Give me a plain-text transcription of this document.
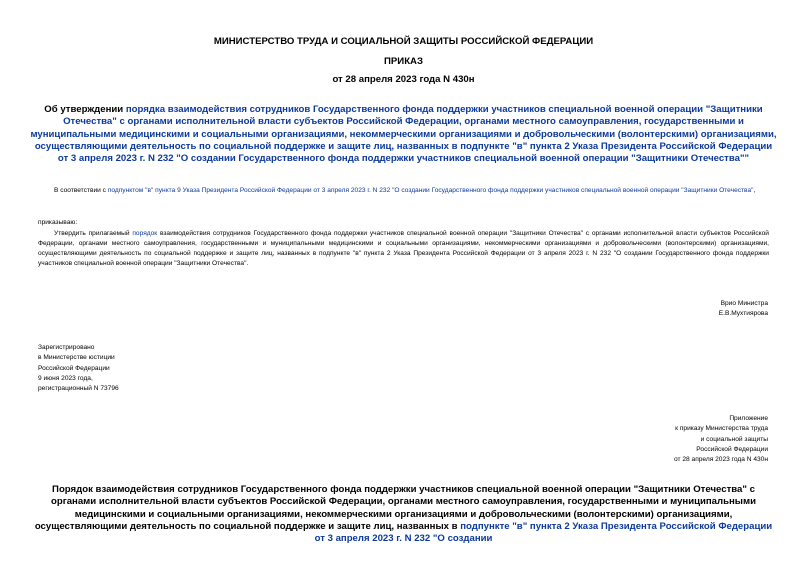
МИНИСТЕРСТВО ТРУДА И СОЦИАЛЬНОЙ ЗАЩИТЫ РОССИЙСКОЙ ФЕДЕРАЦИИ
ПРИКАЗ
от 28 апреля 2023 года N 430н
Об утверждении порядка взаимодействия сотрудников Государственного фонда поддержки участников специальной военной операции "Защитники Отечества" с органами исполнительной власти субъектов Российской Федерации, органами местного самоуправления, государственными и муниципальными медицинскими и социальными организациями, некоммерческими организациями и добровольческими (волонтерскими) организациями, осуществляющими деятельность по социальной поддержке и защите лиц, названных в подпункте "в" пункта 2 Указа Президента Российской Федерации от 3 апреля 2023 г. N 232 "О создании Государственного фонда поддержки участников специальной военной операции "Защитники Отечества""
В соответствии с подпунктом "в" пункта 9 Указа Президента Российской Федерации от 3 апреля 2023 г. N 232 "О создании Государственного фонда поддержки участников специальной военной операции "Защитники Отечества",
приказываю:
Утвердить прилагаемый порядок взаимодействия сотрудников Государственного фонда поддержки участников специальной военной операции "Защитники Отечества" с органами исполнительной власти субъектов Российской Федерации, органами местного самоуправления, государственными и муниципальными медицинскими и социальными организациями, некоммерческими организациями и добровольческими (волонтерскими) организациями, осуществляющими деятельность по социальной поддержке и защите лиц, названных в подпункте "в" пункта 2 Указа Президента Российской Федерации от 3 апреля 2023 г. N 232 "О создании Государственного фонда поддержки участников специальной военной операции "Защитники Отечества".
Врио Министра
Е.В.Мухтиярова
Зарегистрировано
в Министерстве юстиции
Российской Федерации
9 июня 2023 года,
регистрационный N 73796
Приложение
к приказу Министерства труда
и социальной защиты
Российской Федерации
от 28 апреля 2023 года N 430н
Порядок взаимодействия сотрудников Государственного фонда поддержки участников специальной военной операции "Защитники Отечества" с органами исполнительной власти субъектов Российской Федерации, органами местного самоуправления, государственными и муниципальными медицинскими и социальными организациями, некоммерческими организациями и добровольческими (волонтерскими) организациями, осуществляющими деятельность по социальной поддержке и защите лиц, названных в подпункте "в" пункта 2 Указа Президента Российской Федерации от 3 апреля 2023 г. N 232 "О создании
